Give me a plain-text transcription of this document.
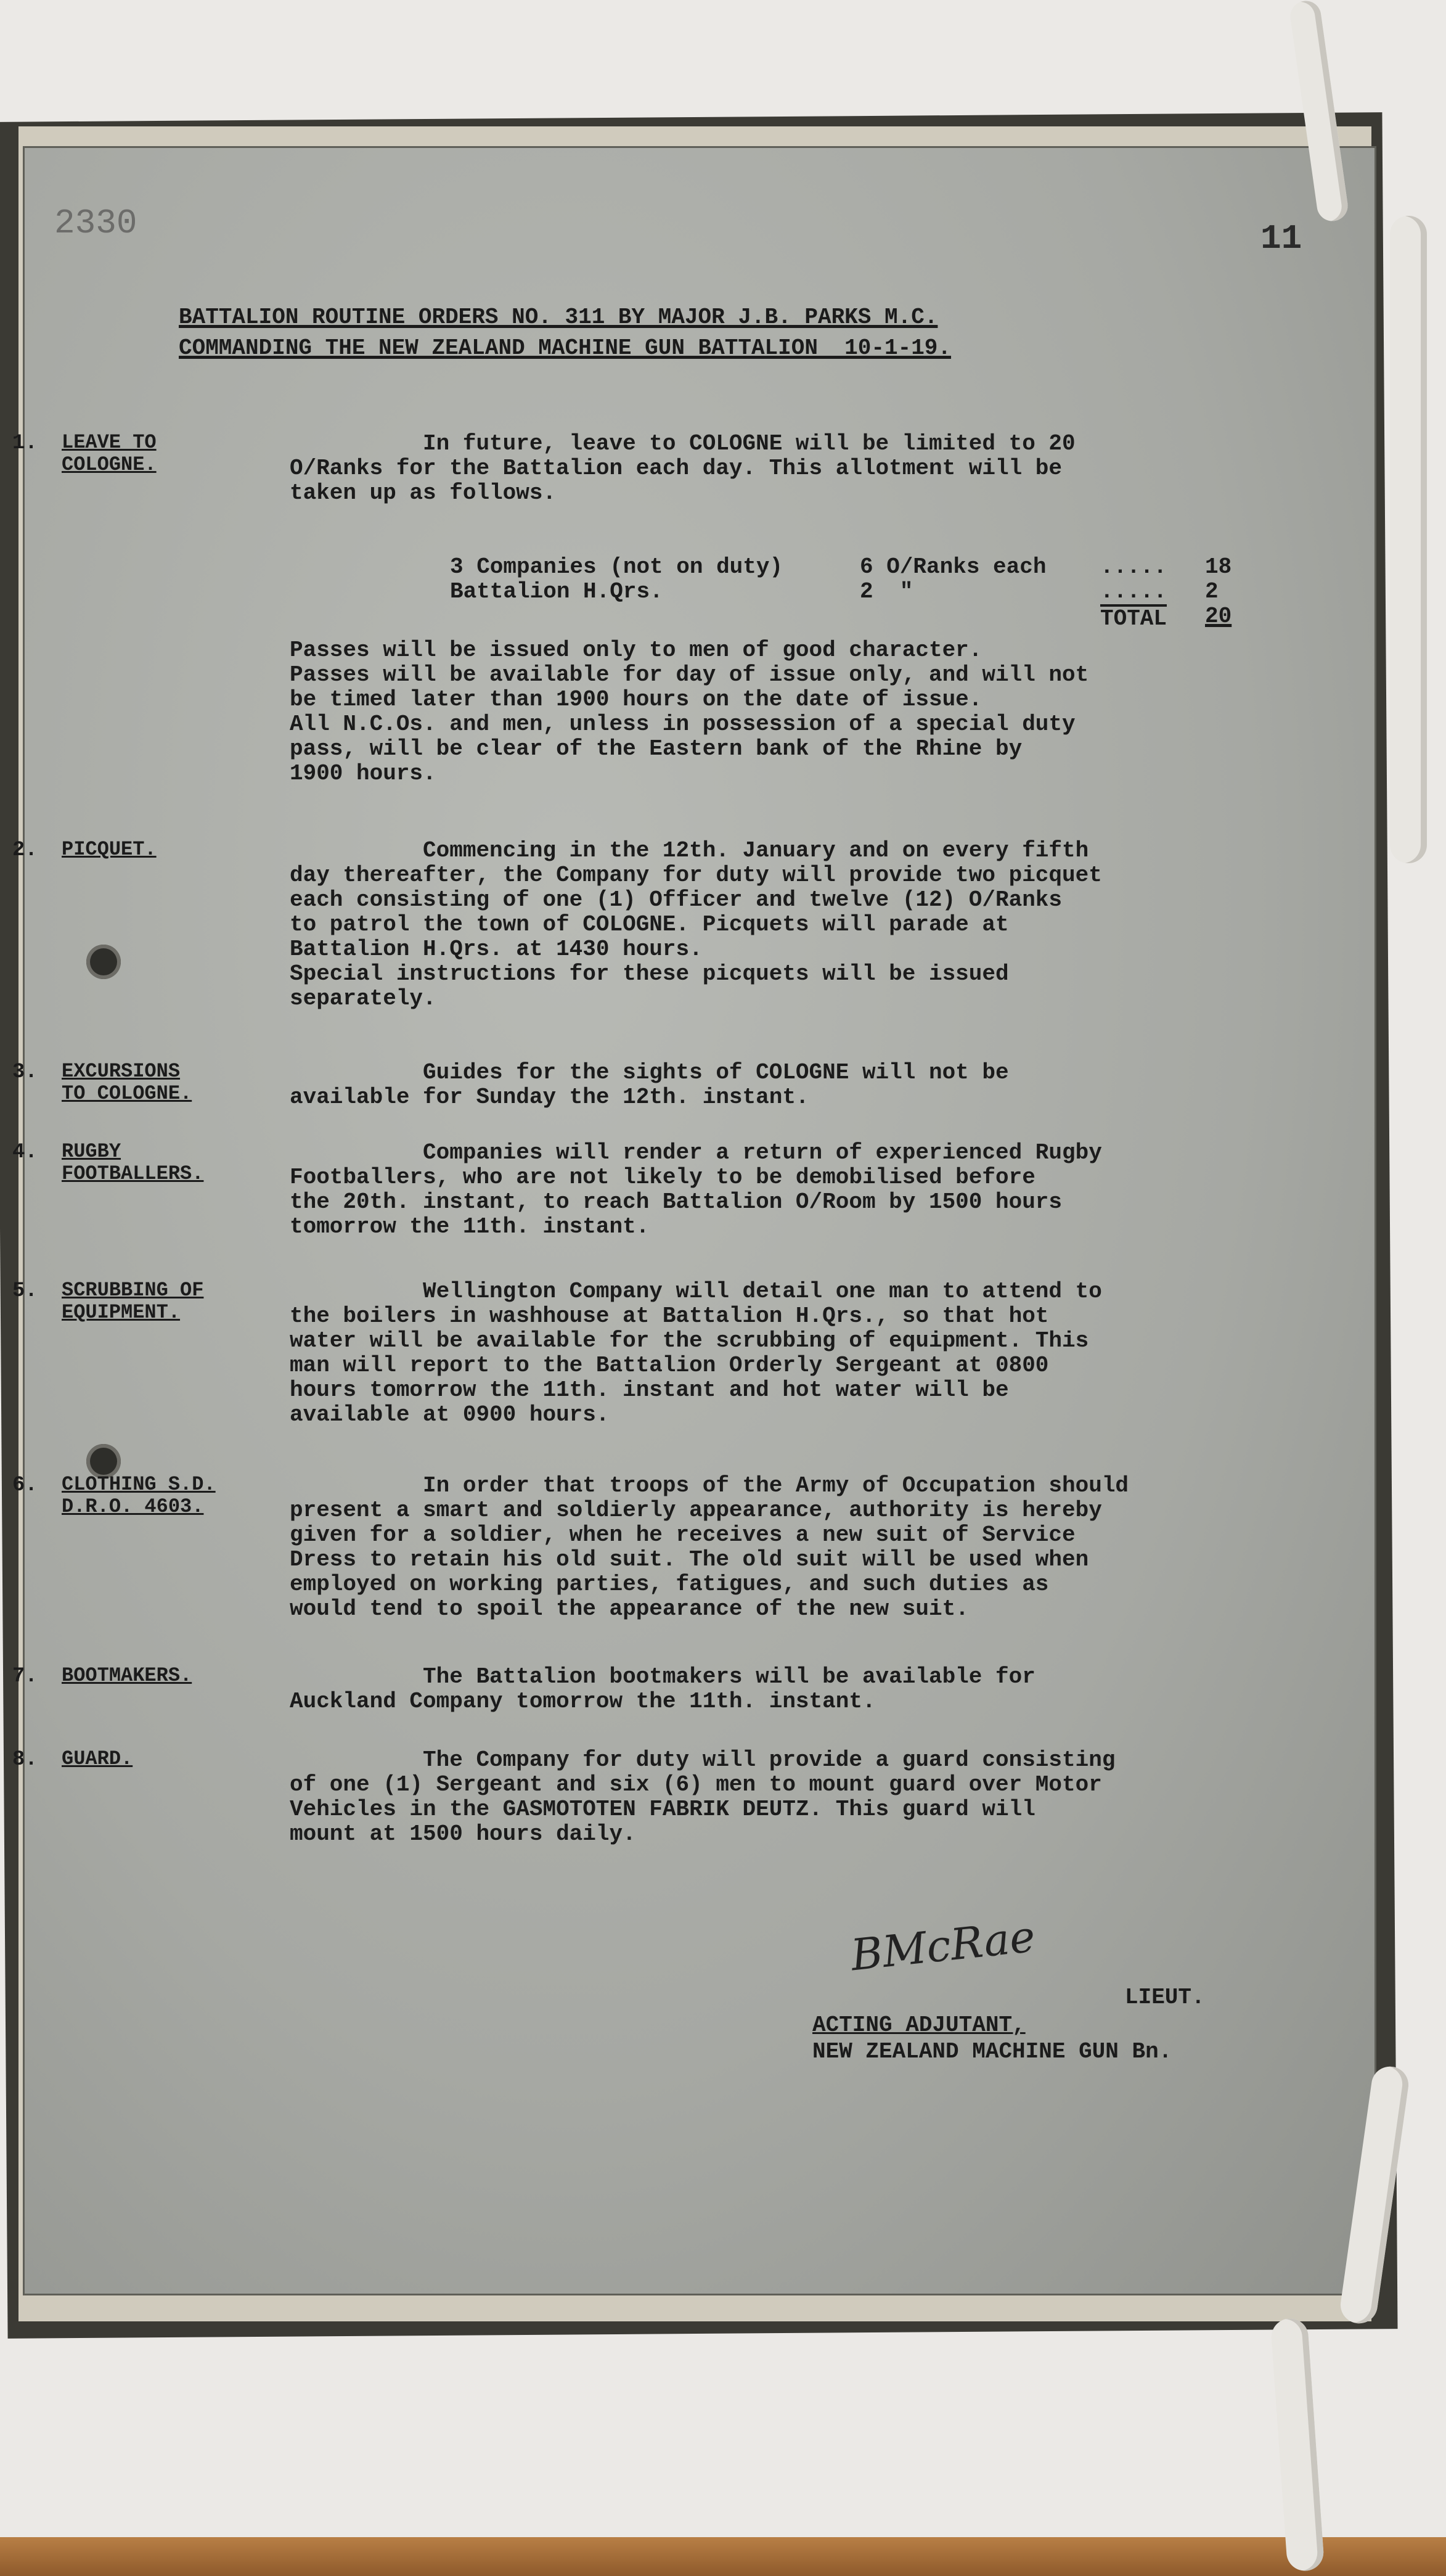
2330	11
BATTALION ROUTINE ORDERS NO. 311 BY MAJOR J.B. PARKS M.C.
COMMANDING THE NEW ZEALAND MACHINE GUN BATTALION  10-1-19.
1. LEAVE TO
COLOGNE.
In future, leave to COLOGNE will be limited to 20
O/Ranks for the Battalion each day. This allotment will be
taken up as follows.
3 Companies (not on duty)	6 O/Ranks each	18
.....
Battalion H.Qrs.	2  "	2
.....
TOTAL 20
Passes will be issued only to men of good character.
Passes will be available for day of issue only, and will not
be timed later than 1900 hours on the date of issue.
All N.C.Os. and men, unless in possession of a special duty
pass, will be clear of the Eastern bank of the Rhine by
1900 hours.
2. PICQUET.	Commencing in the 12th. January and on every fifth
day thereafter, the Company for duty will provide two picquet
each consisting of one (1) Officer and twelve (12) O/Ranks
to patrol the town of COLOGNE. Picquets will parade at
Battalion H.Qrs. at 1430 hours.
Special instructions for these picquets will be issued
separately.
3. EXCURSIONS
TO COLOGNE.
Guides for the sights of COLOGNE will not be
available for Sunday the 12th. instant.
4. RUGBY
FOOTBALLERS.
Companies will render a return of experienced Rugby
Footballers, who are not likely to be demobilised before
the 20th. instant, to reach Battalion O/Room by 1500 hours
tomorrow the 11th. instant.
5. SCRUBBING OF
EQUIPMENT.
Wellington Company will detail one man to attend to
the boilers in washhouse at Battalion H.Qrs., so that hot
water will be available for the scrubbing of equipment. This
man will report to the Battalion Orderly Sergeant at 0800
hours tomorrow the 11th. instant and hot water will be
available at 0900 hours.
6. CLOTHING S.D.
D.R.O. 4603.
In order that troops of the Army of Occupation should
present a smart and soldierly appearance, authority is hereby
given for a soldier, when he receives a new suit of Service
Dress to retain his old suit. The old suit will be used when
employed on working parties, fatigues, and such duties as
would tend to spoil the appearance of the new suit.
7. BOOTMAKERS.	The Battalion bootmakers will be available for
Auckland Company tomorrow the 11th. instant.
8. GUARD.	The Company for duty will provide a guard consisting
of one (1) Sergeant and six (6) men to mount guard over Motor
Vehicles in the GASMOTOTEN FABRIK DEUTZ. This guard will
mount at 1500 hours daily.
BMcRae
LIEUT.
ACTING ADJUTANT,
NEW ZEALAND MACHINE GUN Bn.
